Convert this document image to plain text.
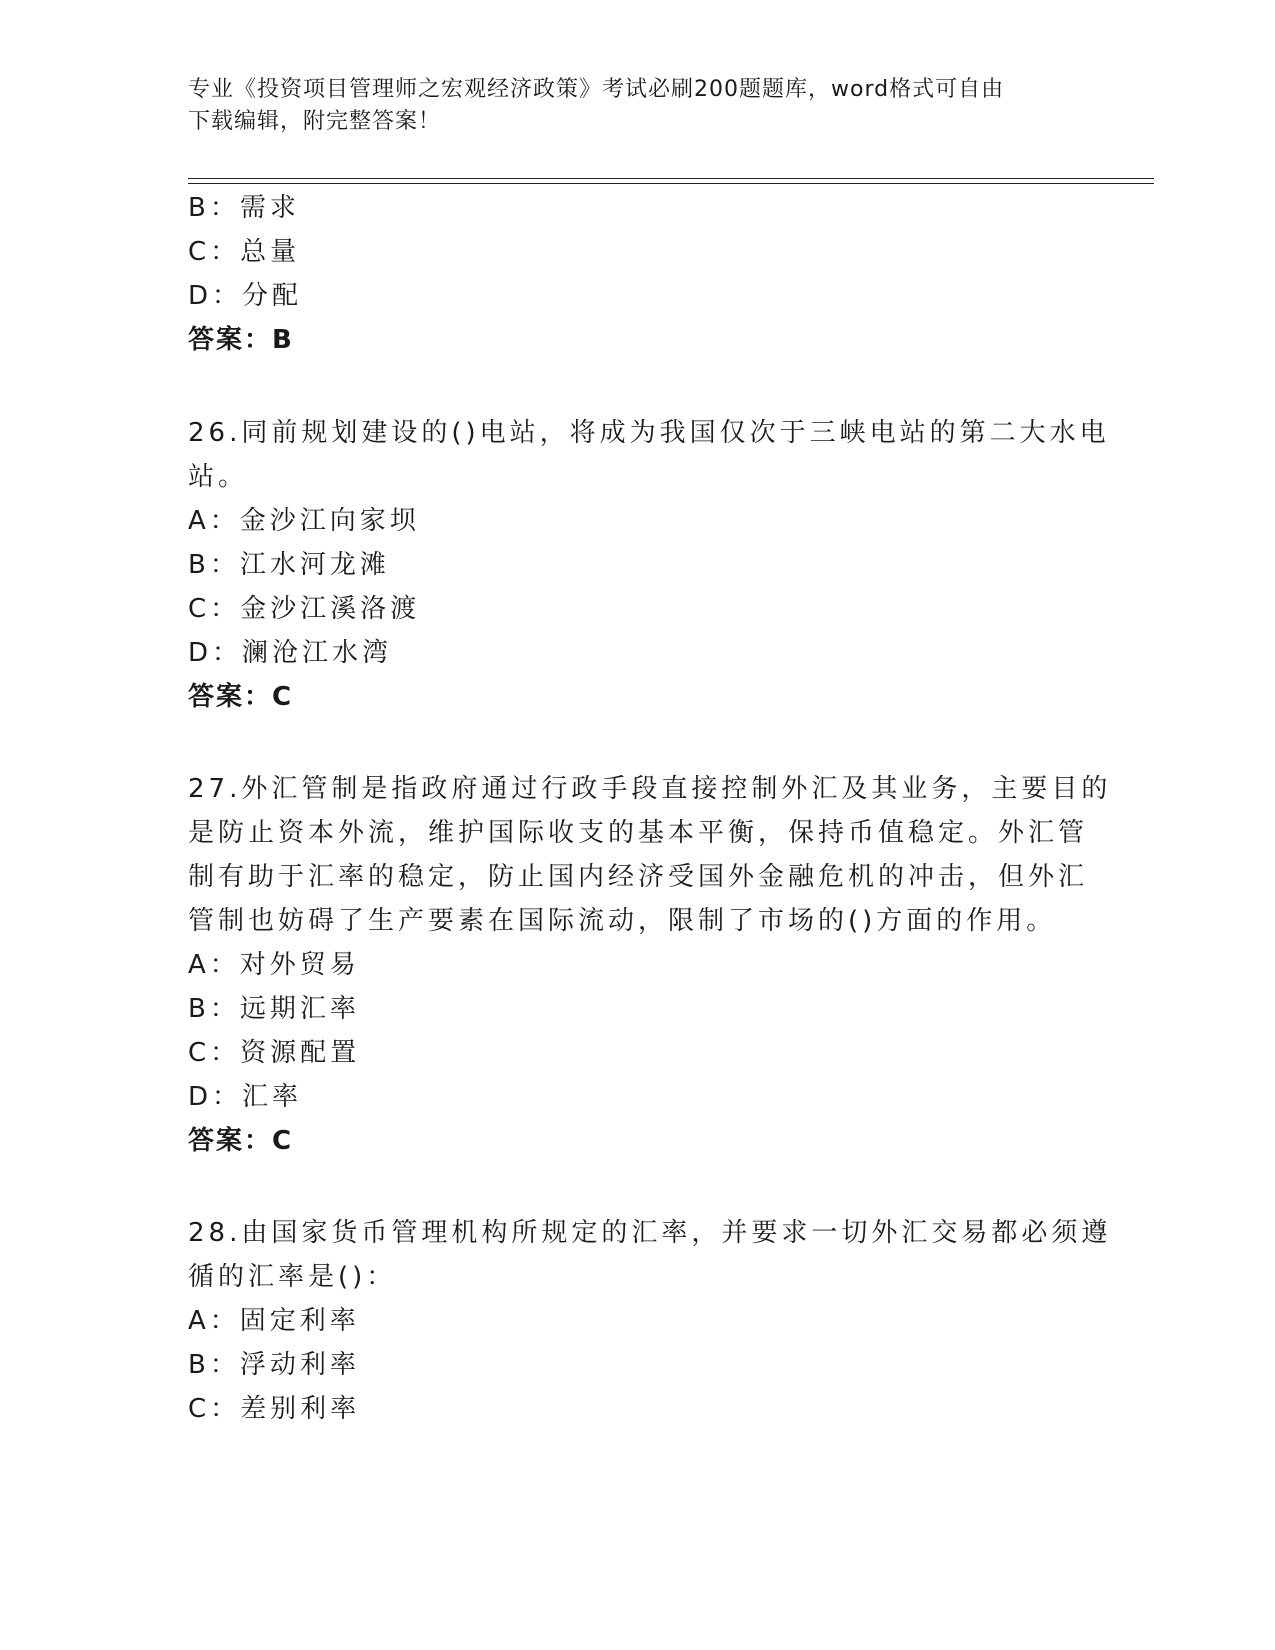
专业《投资项目管理师之宏观经济政策》考试必刷200题题库，word格式可自由
下载编辑，附完整答案！
B：需求
C：总量
D：分配
答案：B
26.同前规划建设的()电站，将成为我国仅次于三峡电站的第二大水电
站。
A：金沙江向家坝
B：江水河龙滩
C：金沙江溪洛渡
D：澜沧江水湾
答案：C
27.外汇管制是指政府通过行政手段直接控制外汇及其业务，主要目的
是防止资本外流，维护国际收支的基本平衡，保持币值稳定。外汇管
制有助于汇率的稳定，防止国内经济受国外金融危机的冲击，但外汇
管制也妨碍了生产要素在国际流动，限制了市场的()方面的作用。
A：对外贸易
B：远期汇率
C：资源配置
D：汇率
答案：C
28.由国家货币管理机构所规定的汇率，并要求一切外汇交易都必须遵
循的汇率是()：
A：固定利率
B：浮动利率
C：差别利率
